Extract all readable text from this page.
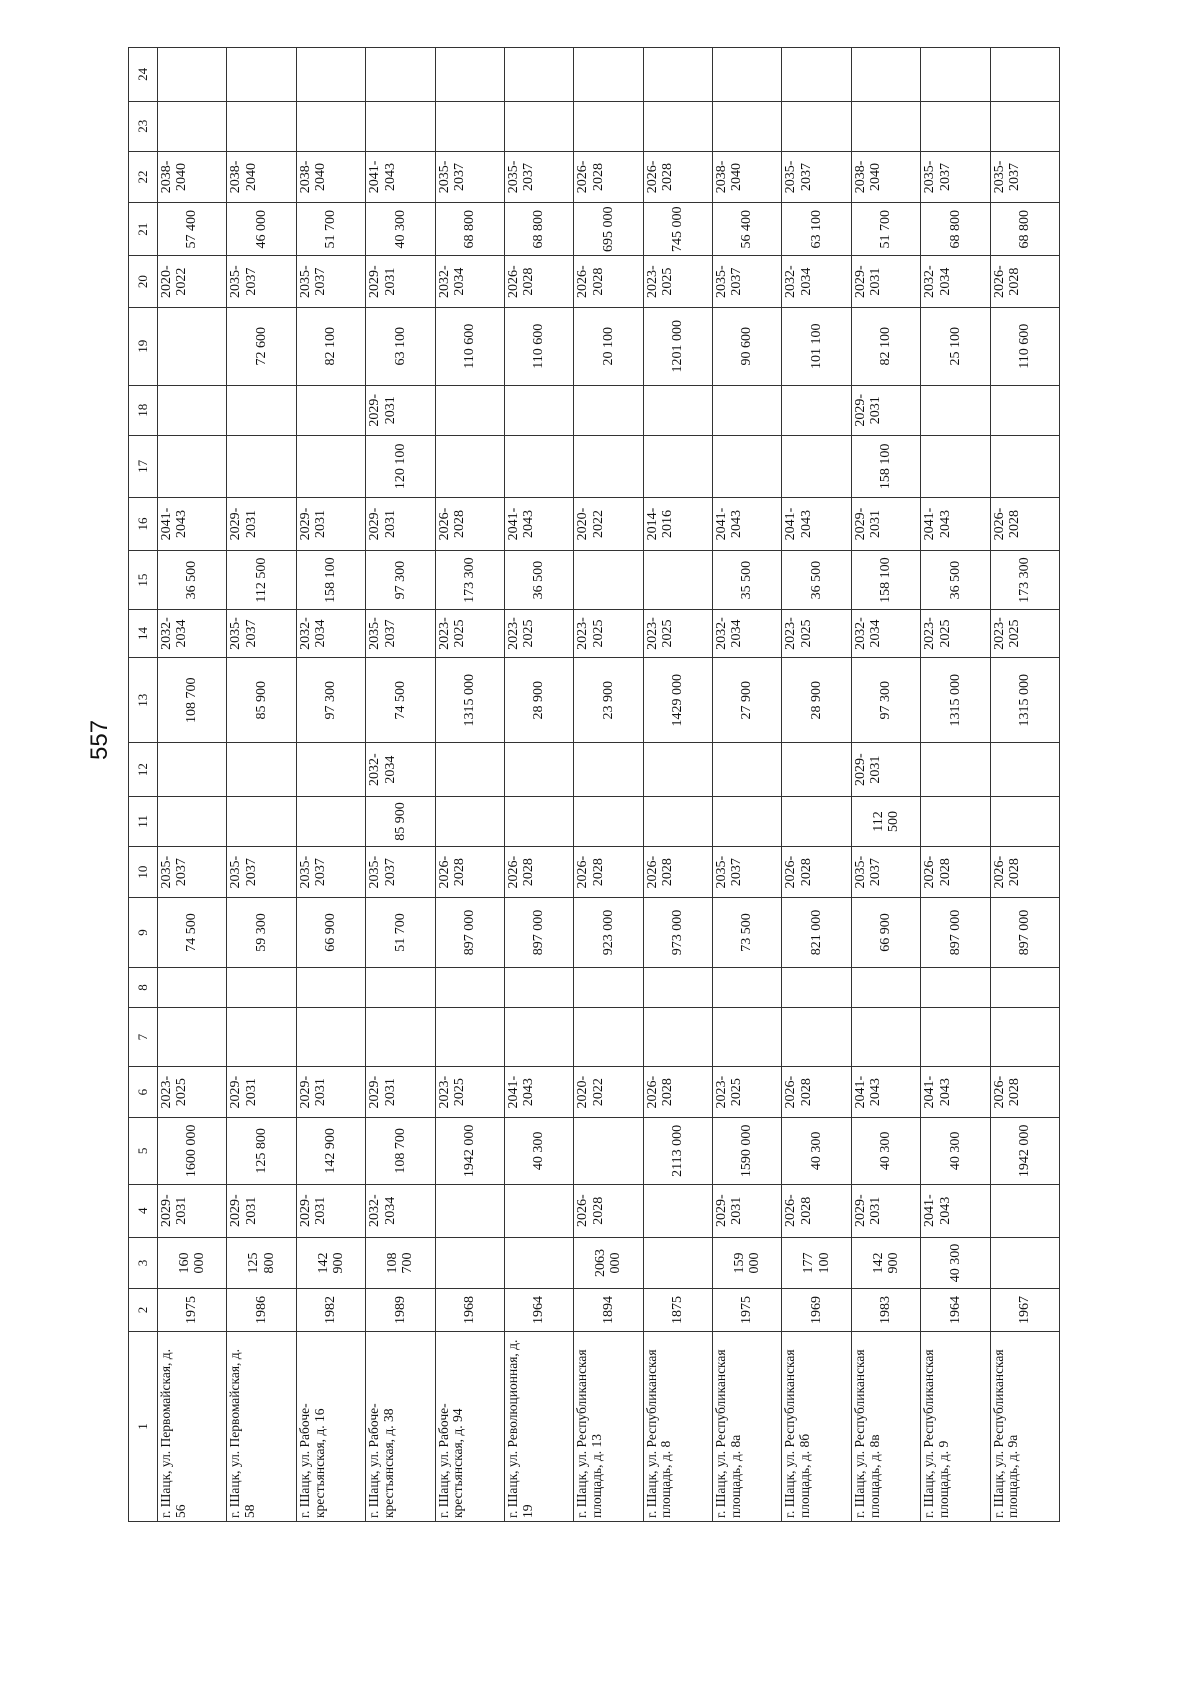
557
1	2	3	4	5	6	7	8	9	10	11	12	13	14	15	16	17	18	19	20	21	22	23	24
г. Шацк, ул. Первомайская, д. 56	1975	160 000	2029-2031	1600 000	2023-2025			74 500	2035-2037			108 700	2032-2034	36 500	2041-2043				2020-2022	57 400	2038-2040		
г. Шацк, ул. Первомайская, д. 58	1986	125 800	2029-2031	125 800	2029-2031			59 300	2035-2037			85 900	2035-2037	112 500	2029-2031			72 600	2035-2037	46 000	2038-2040		
г. Шацк, ул. Рабоче-крестьянская, д. 16	1982	142 900	2029-2031	142 900	2029-2031			66 900	2035-2037			97 300	2032-2034	158 100	2029-2031			82 100	2035-2037	51 700	2038-2040		
г. Шацк, ул. Рабоче-крестьянская, д. 38	1989	108 700	2032-2034	108 700	2029-2031			51 700	2035-2037	85 900	2032-2034	74 500	2035-2037	97 300	2029-2031	120 100	2029-2031	63 100	2029-2031	40 300	2041-2043		
г. Шацк, ул. Рабоче-крестьянская, д. 94	1968			1942 000	2023-2025			897 000	2026-2028			1315 000	2023-2025	173 300	2026-2028			110 600	2032-2034	68 800	2035-2037		
г. Шацк, ул. Революционная, д. 19	1964			40 300	2041-2043			897 000	2026-2028			28 900	2023-2025	36 500	2041-2043			110 600	2026-2028	68 800	2035-2037		
г. Шацк, ул. Республиканская площадь, д. 13	1894	2063 000	2026-2028		2020-2022			923 000	2026-2028			23 900	2023-2025		2020-2022			20 100	2026-2028	695 000	2026-2028		
г. Шацк, ул. Республиканская площадь, д. 8	1875			2113 000	2026-2028			973 000	2026-2028			1429 000	2023-2025		2014-2016			1201 000	2023-2025	745 000	2026-2028		
г. Шацк, ул. Республиканская площадь, д. 8а	1975	159 000	2029-2031	1590 000	2023-2025			73 500	2035-2037			27 900	2032-2034	35 500	2041-2043			90 600	2035-2037	56 400	2038-2040		
г. Шацк, ул. Республиканская площадь, д. 8б	1969	177 100	2026-2028	40 300	2026-2028			821 000	2026-2028			28 900	2023-2025	36 500	2041-2043			101 100	2032-2034	63 100	2035-2037		
г. Шацк, ул. Республиканская площадь, д. 8в	1983	142 900	2029-2031	40 300	2041-2043			66 900	2035-2037	112 500	2029-2031	97 300	2032-2034	158 100	2029-2031	158 100	2029-2031	82 100	2029-2031	51 700	2038-2040		
г. Шацк, ул. Республиканская площадь, д. 9	1964	40 300	2041-2043	40 300	2041-2043			897 000	2026-2028			1315 000	2023-2025	36 500	2041-2043			25 100	2032-2034	68 800	2035-2037		
г. Шацк, ул. Республиканская площадь, д. 9а	1967			1942 000	2026-2028			897 000	2026-2028			1315 000	2023-2025	173 300	2026-2028			110 600	2026-2028	68 800	2035-2037		
